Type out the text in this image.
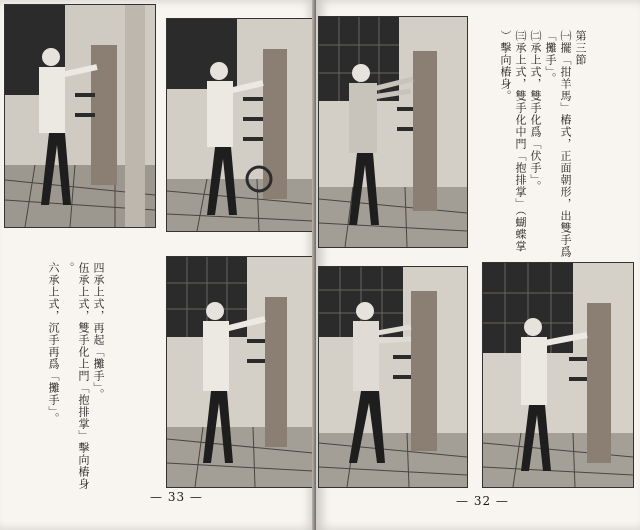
四承上式，再起「攤手」。
伍承上式，雙手化上門「抱排掌」擊向樁身
。
六承上式，沉手再爲「攤手」。
— 33 —
第三節
㈠擺「拑羊馬」樁式，正面朝形，出雙手爲
「攤手」。
㈡承上式，雙手化爲「伏手」。
㈢承上式，雙手化中門「抱排掌」（蝴蝶掌
）擊向樁身。
— 32 —
